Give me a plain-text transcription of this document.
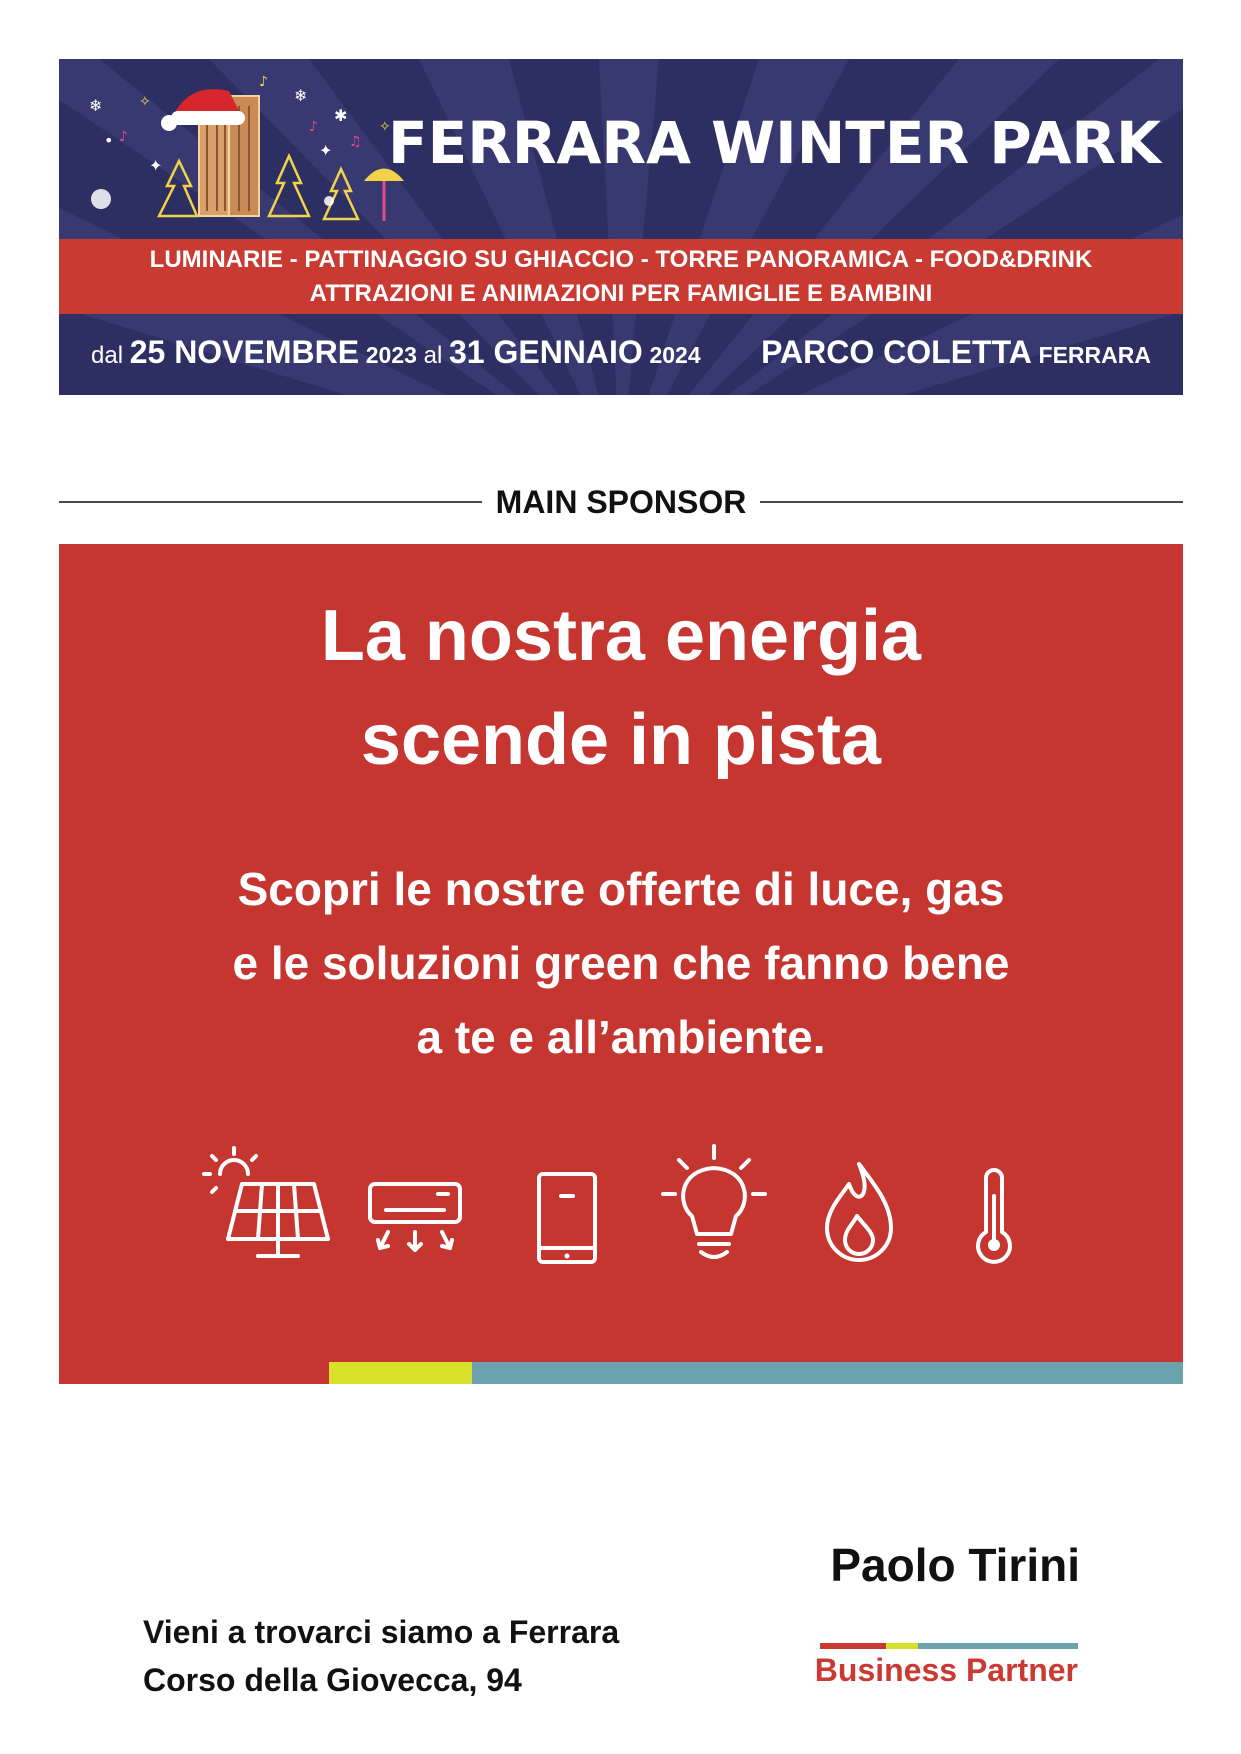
❄
❄
✱
✦
✦
• ♪
♪
♫
✧
♪
✧
FERRARA WINTER PARK
LUMINARIE - PATTINAGGIO SU GHIACCIO - TORRE PANORAMICA - FOOD&DRINK
ATTRAZIONI E ANIMAZIONI PER FAMIGLIE E BAMBINI
dal 25 NOVEMBRE 2023 al 31 GENNAIO 2024 PARCO COLETTA FERRARA
MAIN SPONSOR
La nostra energia
scende in pista
Scopri le nostre offerte di luce, gas
e le soluzioni green che fanno bene
a te e all’ambiente.
Vieni a trovarci siamo a Ferrara
Corso della Giovecca, 94
Paolo Tirini
Business Partner
